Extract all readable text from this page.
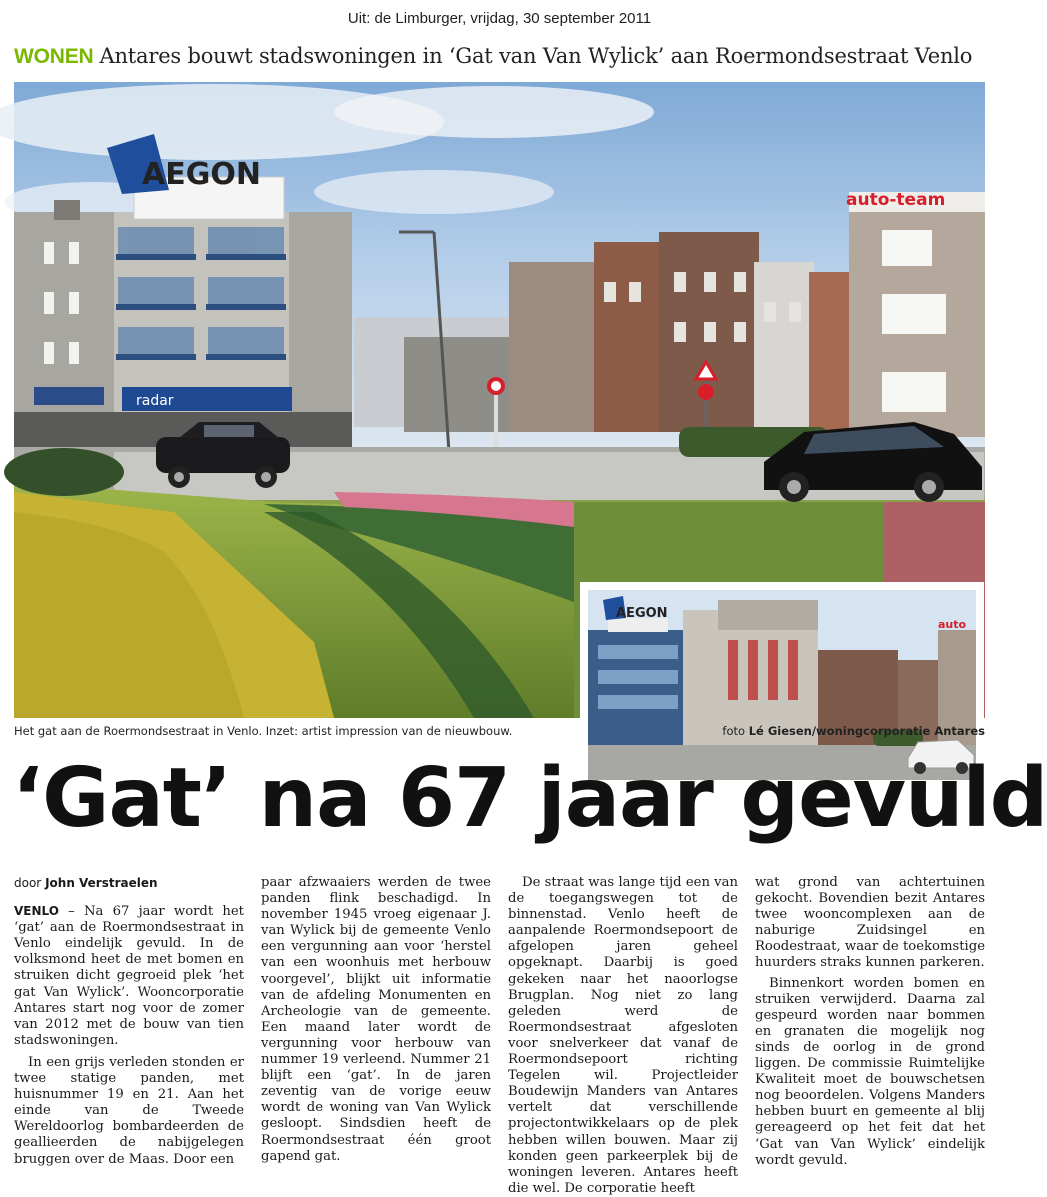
Uit: de Limburger, vrijdag, 30 september 2011
WONEN Antares bouwt stadswoningen in ‘Gat van Van Wylick’ aan Roermondsestraat Venlo
radar
AEGON
auto-team
AEGON
auto
Het gat aan de Roermondsestraat in Venlo. Inzet: artist impression van de nieuwbouw.	foto Lé Giesen/woningcorporatie Antares
‘Gat’ na 67 jaar gevuld
door John Verstraelen

VENLO – Na 67 jaar wordt het ‘gat’ aan de Roermondsestraat in Venlo eindelijk gevuld. In de volksmond heet de met bomen en struiken dicht gegroeid plek ‘het gat Van Wylick’. Wooncorporatie Antares start nog voor de zomer van 2012 met de bouw van tien stadswoningen.

In een grijs verleden stonden er twee statige panden, met huisnummer 19 en 21. Aan het einde van de Tweede Wereldoorlog bombardeerden de geallieerden de nabijgelegen bruggen over de Maas. Door een

paar afzwaaiers werden de twee panden flink beschadigd. In november 1945 vroeg eigenaar J. van Wylick bij de gemeente Venlo een vergunning aan voor ‘herstel van een woonhuis met herbouw voorgevel’, blijkt uit informatie van de afdeling Monumenten en Archeologie van de gemeente. Een maand later wordt de vergunning voor herbouw van nummer 19 verleend. Nummer 21 blijft een ‘gat’. In de jaren zeventig van de vorige eeuw wordt de woning van Van Wylick gesloopt. Sindsdien heeft de Roermondsestraat één groot gapend gat.

De straat was lange tijd een van de toegangswegen tot de binnenstad. Venlo heeft de aanpalende Roermondsepoort de afgelopen jaren geheel opgeknapt. Daarbij is goed gekeken naar het naoorlogse Brugplan. Nog niet zo lang geleden werd de Roermondsestraat afgesloten voor snelverkeer dat vanaf de Roermondsepoort richting Tegelen wil. Projectleider Boudewijn Manders van Antares vertelt dat verschillende projectontwikkelaars op de plek hebben willen bouwen. Maar zij konden geen parkeerplek bij de woningen leveren. Antares heeft die wel. De corporatie heeft

wat grond van achtertuinen gekocht. Bovendien bezit Antares twee wooncomplexen aan de naburige Zuidsingel en Roodestraat, waar de toekomstige huurders straks kunnen parkeren.

Binnenkort worden bomen en struiken verwijderd. Daarna zal gespeurd worden naar bommen en granaten die mogelijk nog sinds de oorlog in de grond liggen. De commissie Ruimtelijke Kwaliteit moet de bouwschetsen nog beoordelen. Volgens Manders hebben buurt en gemeente al blij gereageerd op het feit dat het ‘Gat van Van Wylick’ eindelijk wordt gevuld.
